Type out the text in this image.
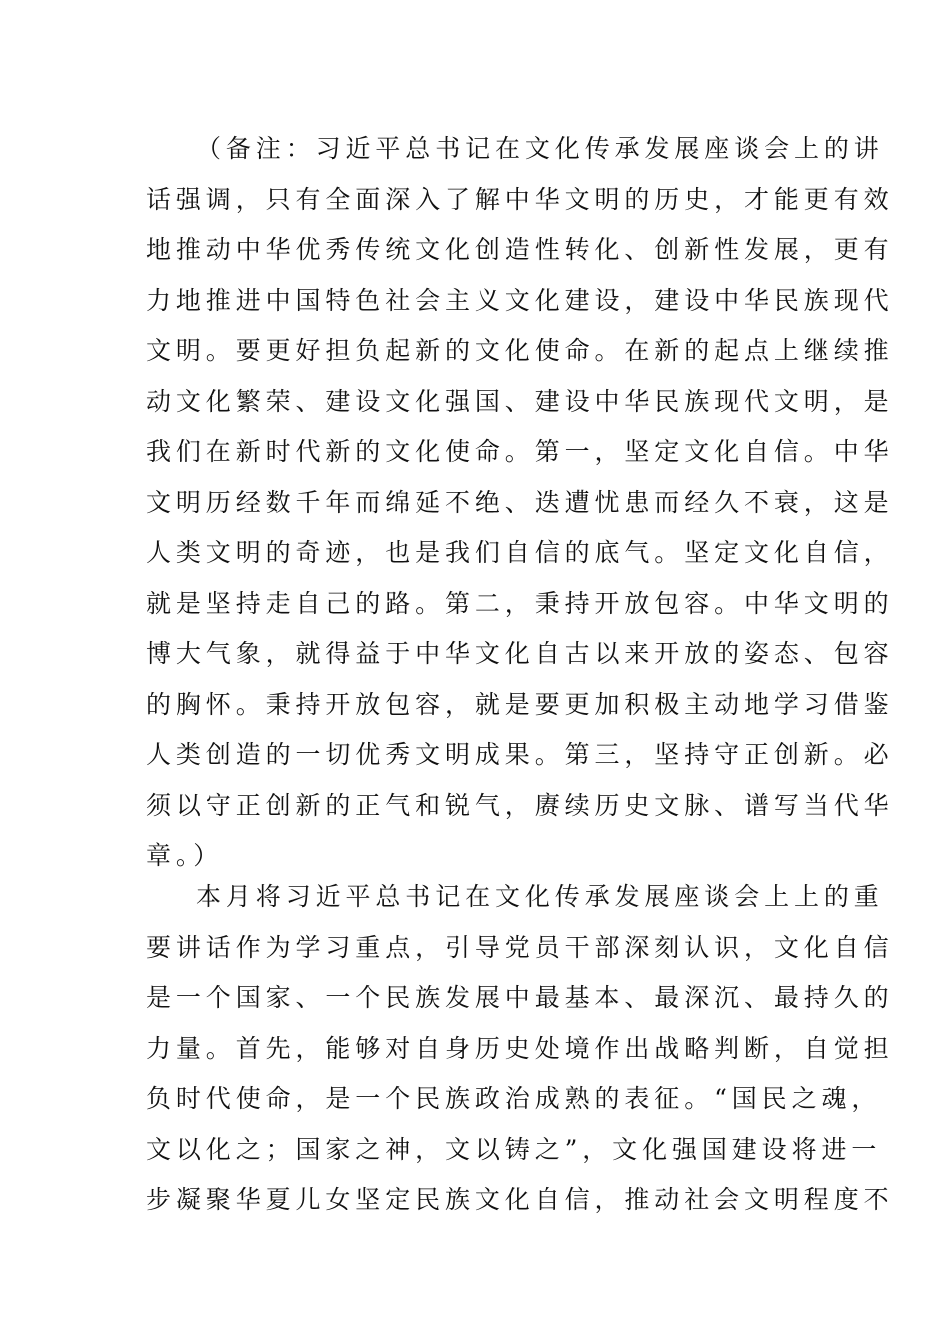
（备注：习近平总书记在文化传承发展座谈会上的讲
话强调，只有全面深入了解中华文明的历史，才能更有效
地推动中华优秀传统文化创造性转化、创新性发展，更有
力地推进中国特色社会主义文化建设，建设中华民族现代
文明。要更好担负起新的文化使命。在新的起点上继续推
动文化繁荣、建设文化强国、建设中华民族现代文明，是
我们在新时代新的文化使命。第一，坚定文化自信。中华
文明历经数千年而绵延不绝、迭遭忧患而经久不衰，这是
人类文明的奇迹，也是我们自信的底气。坚定文化自信，
就是坚持走自己的路。第二，秉持开放包容。中华文明的
博大气象，就得益于中华文化自古以来开放的姿态、包容
的胸怀。秉持开放包容，就是要更加积极主动地学习借鉴
人类创造的一切优秀文明成果。第三，坚持守正创新。必
须以守正创新的正气和锐气，赓续历史文脉、谱写当代华
章。）
本月将习近平总书记在文化传承发展座谈会上上的重
要讲话作为学习重点，引导党员干部深刻认识，文化自信
是一个国家、一个民族发展中最基本、最深沉、最持久的
力量。首先，能够对自身历史处境作出战略判断，自觉担
负时代使命，是一个民族政治成熟的表征。“国民之魂，
文以化之；国家之神，文以铸之”，文化强国建设将进一
步凝聚华夏儿女坚定民族文化自信，推动社会文明程度不
